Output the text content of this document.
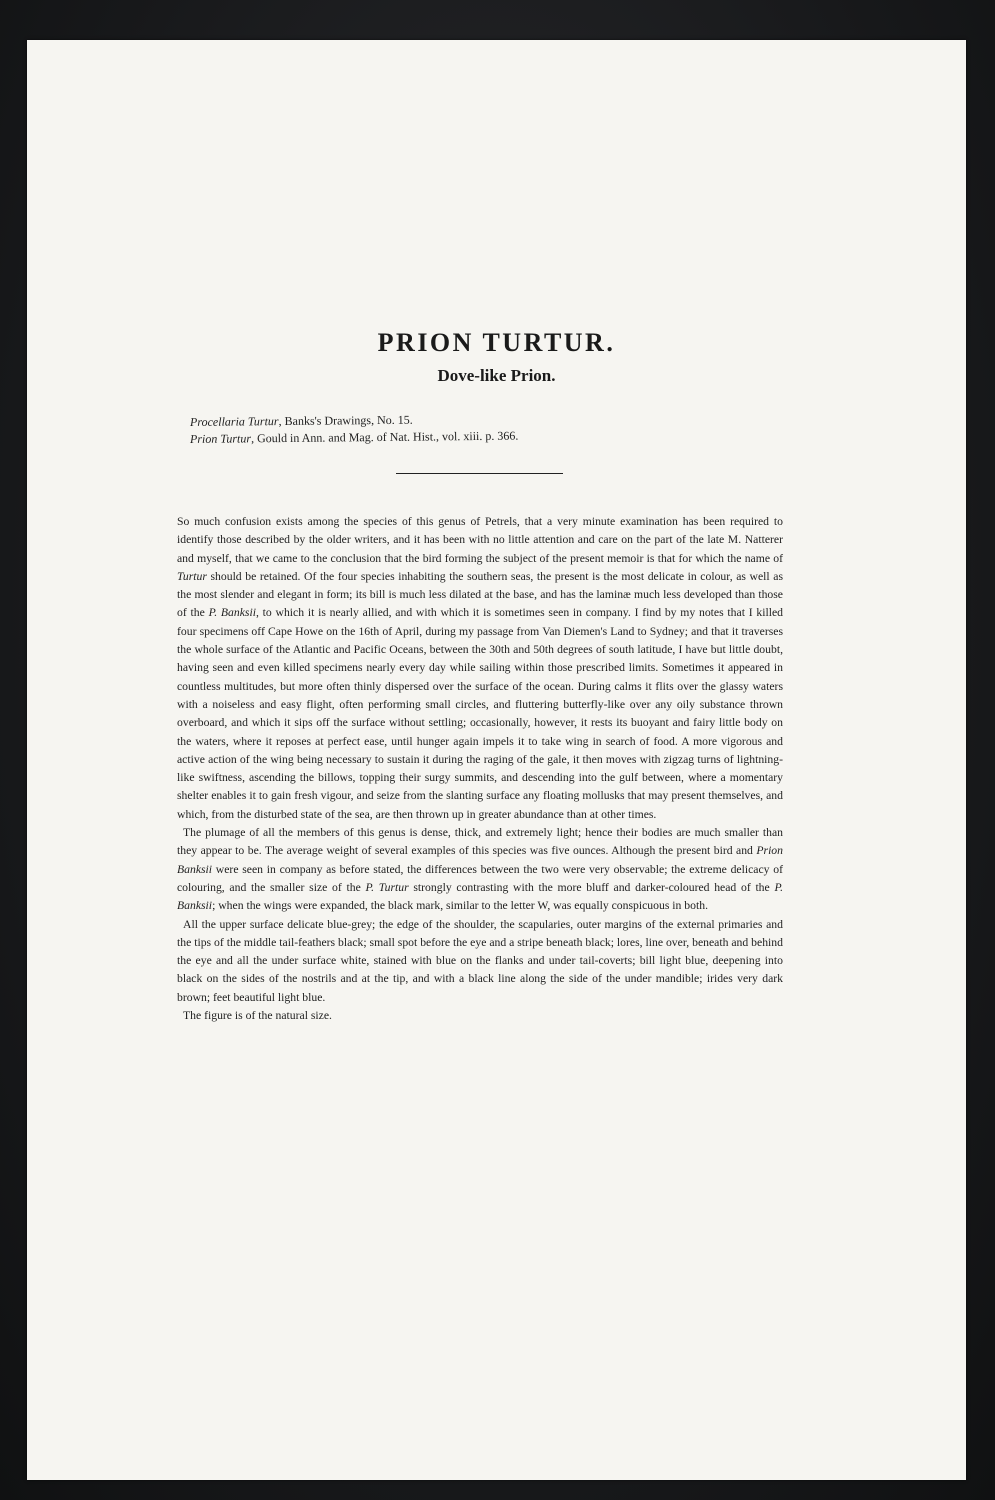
PRION TURTUR.
Dove-like Prion.
Procellaria Turtur, Banks's Drawings, No. 15.
Prion Turtur, Gould in Ann. and Mag. of Nat. Hist., vol. xiii. p. 366.

So much confusion exists among the species of this genus of Petrels, that a very minute examination has been required to identify those described by the older writers, and it has been with no little attention and care on the part of the late M. Natterer and myself, that we came to the conclusion that the bird forming the subject of the present memoir is that for which the name of Turtur should be retained. Of the four species inhabiting the southern seas, the present is the most delicate in colour, as well as the most slender and elegant in form; its bill is much less dilated at the base, and has the laminæ much less developed than those of the P. Banksii, to which it is nearly allied, and with which it is sometimes seen in company. I find by my notes that I killed four specimens off Cape Howe on the 16th of April, during my passage from Van Diemen's Land to Sydney; and that it traverses the whole surface of the Atlantic and Pacific Oceans, between the 30th and 50th degrees of south latitude, I have but little doubt, having seen and even killed specimens nearly every day while sailing within those prescribed limits. Sometimes it appeared in countless multitudes, but more often thinly dispersed over the surface of the ocean. During calms it flits over the glassy waters with a noiseless and easy flight, often performing small circles, and fluttering butterfly-like over any oily substance thrown overboard, and which it sips off the surface without settling; occasionally, however, it rests its buoyant and fairy little body on the waters, where it reposes at perfect ease, until hunger again impels it to take wing in search of food. A more vigorous and active action of the wing being necessary to sustain it during the raging of the gale, it then moves with zigzag turns of lightning-like swiftness, ascending the billows, topping their surgy summits, and descending into the gulf between, where a momentary shelter enables it to gain fresh vigour, and seize from the slanting surface any floating mollusks that may present themselves, and which, from the disturbed state of the sea, are then thrown up in greater abundance than at other times.

The plumage of all the members of this genus is dense, thick, and extremely light; hence their bodies are much smaller than they appear to be. The average weight of several examples of this species was five ounces. Although the present bird and Prion Banksii were seen in company as before stated, the differences between the two were very observable; the extreme delicacy of colouring, and the smaller size of the P. Turtur strongly contrasting with the more bluff and darker-coloured head of the P. Banksii; when the wings were expanded, the black mark, similar to the letter W, was equally conspicuous in both.

All the upper surface delicate blue-grey; the edge of the shoulder, the scapularies, outer margins of the external primaries and the tips of the middle tail-feathers black; small spot before the eye and a stripe beneath black; lores, line over, beneath and behind the eye and all the under surface white, stained with blue on the flanks and under tail-coverts; bill light blue, deepening into black on the sides of the nostrils and at the tip, and with a black line along the side of the under mandible; irides very dark brown; feet beautiful light blue.

The figure is of the natural size.
